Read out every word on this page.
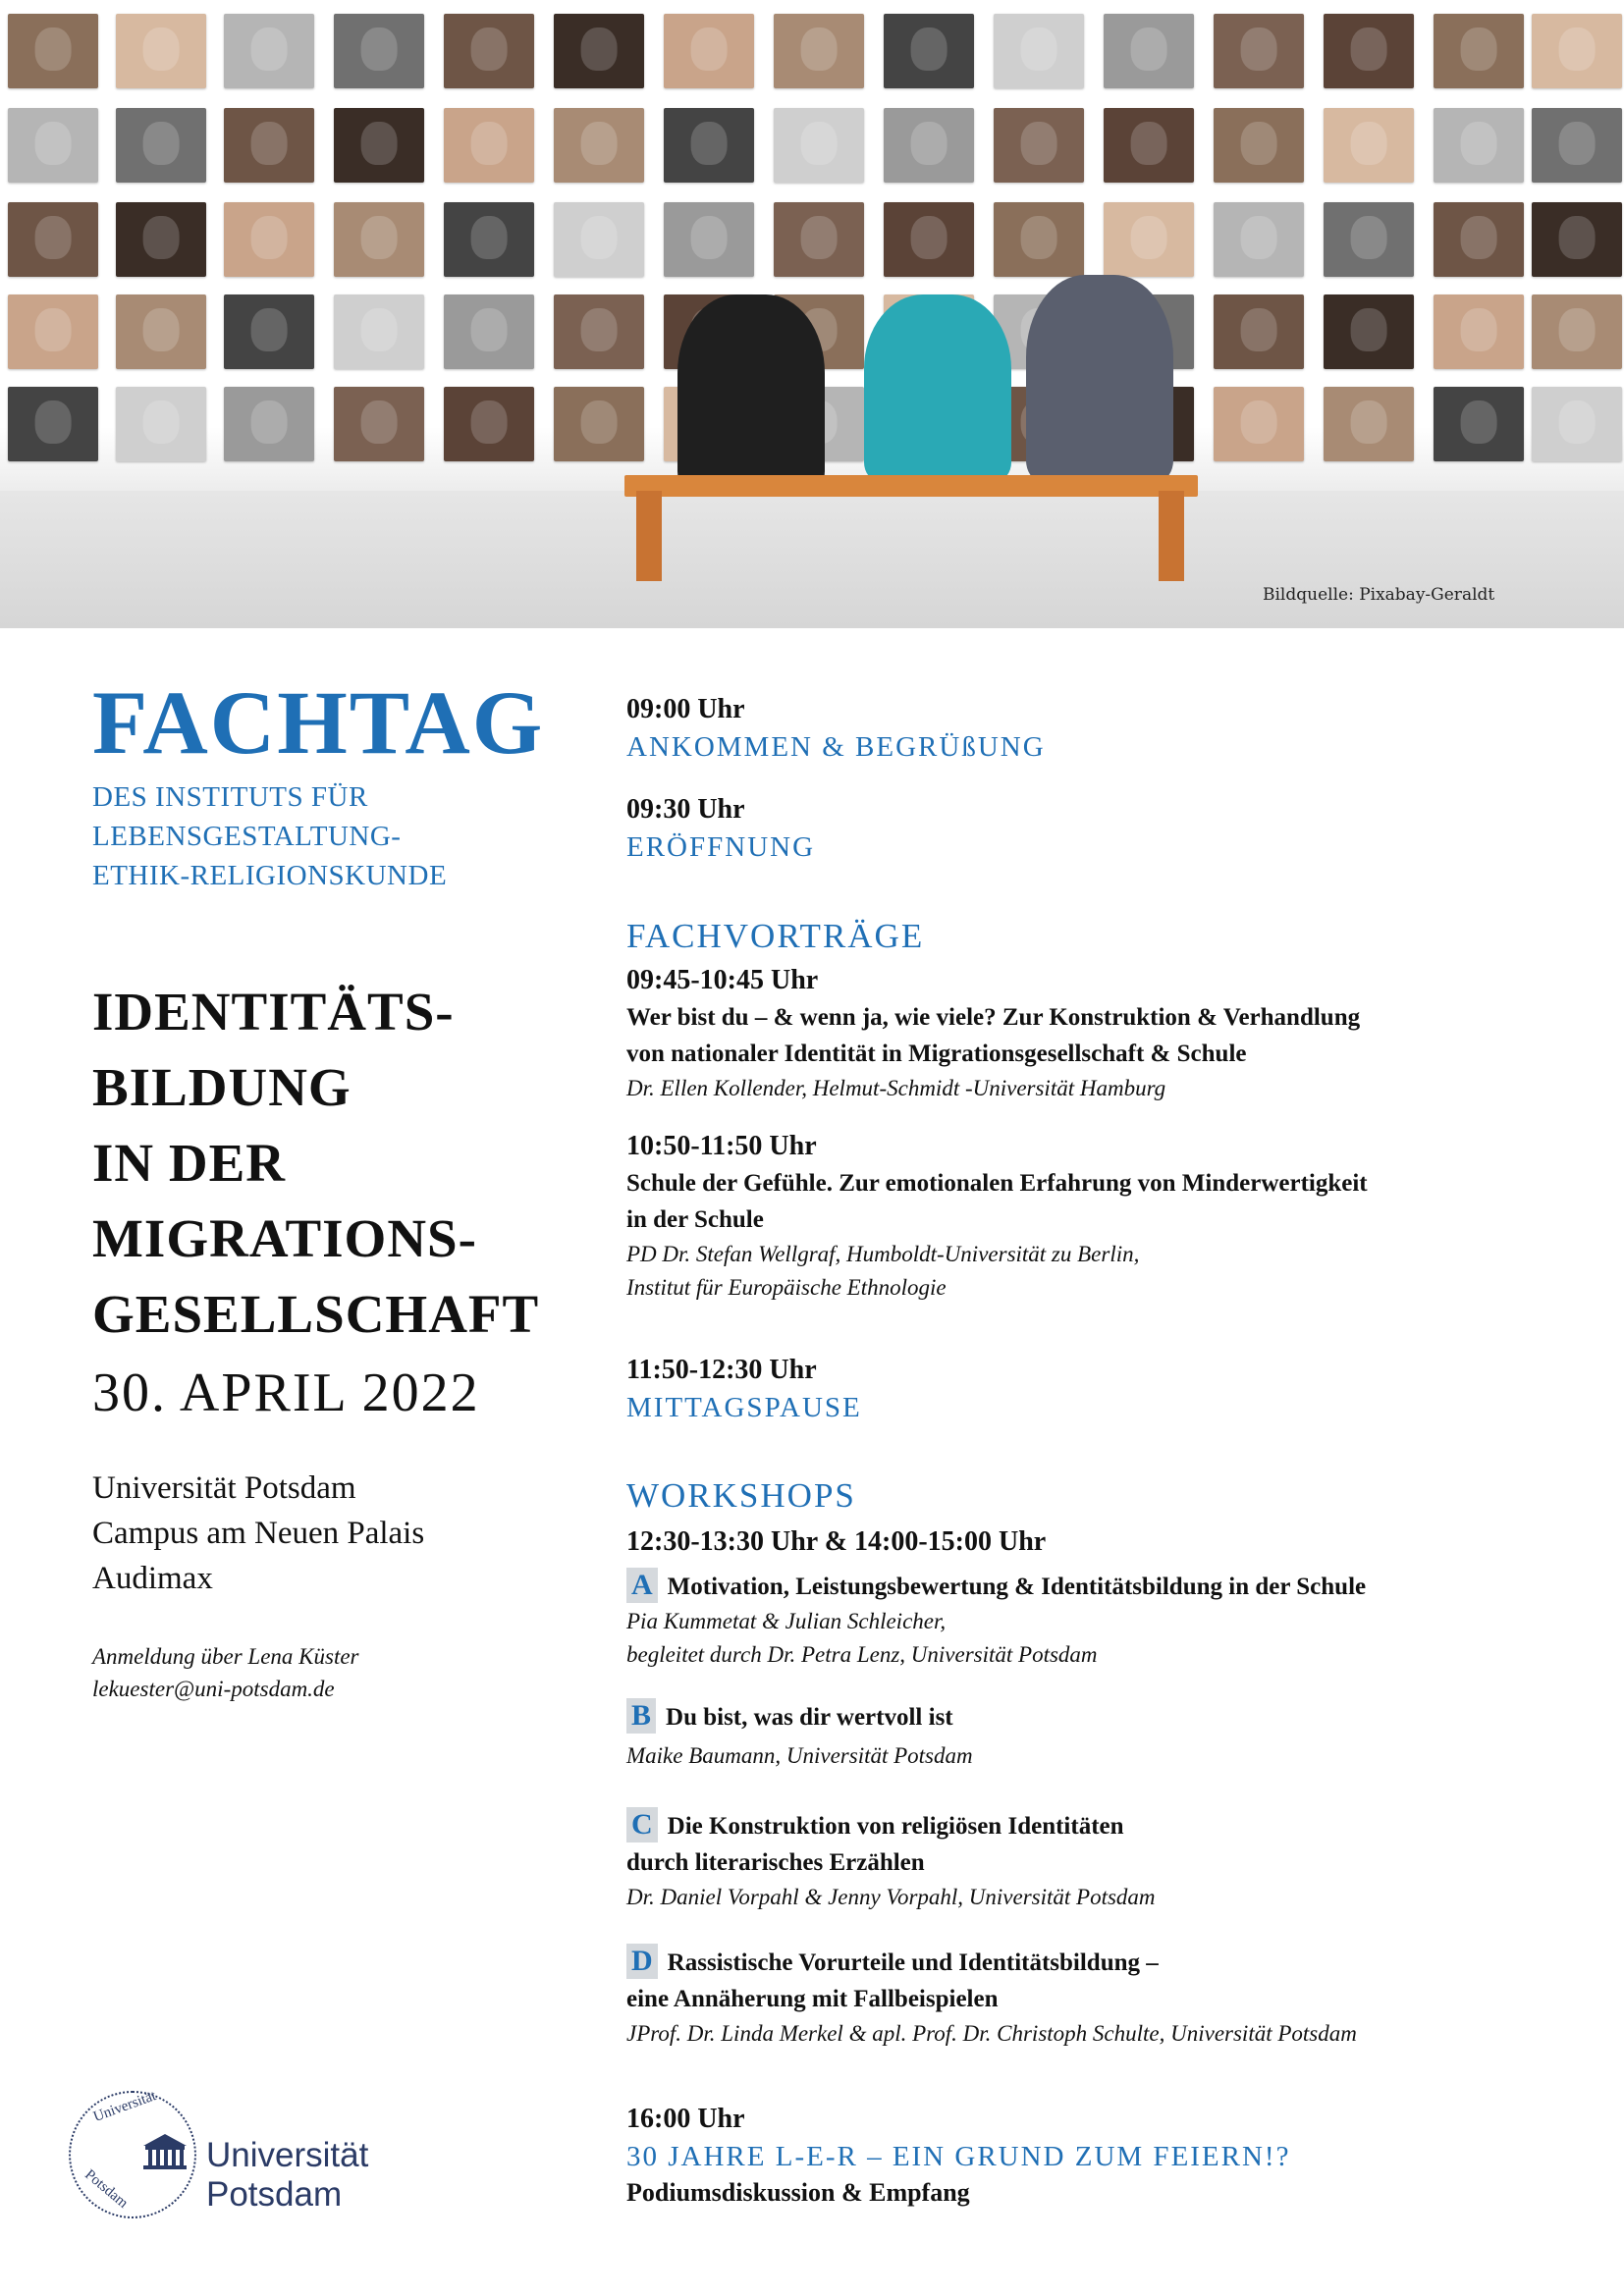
Bildquelle: Pixabay-Geraldt
FACHTAG
DES INSTITUTS FÜR
LEBENSGESTALTUNG-
ETHIK-RELIGIONSKUNDE
IDENTITÄTS-
BILDUNG
IN DER
MIGRATIONS-
GESELLSCHAFT
30. APRIL 2022
Universität Potsdam
Campus am Neuen Palais
Audimax
Anmeldung über Lena Küster
lekuester@uni-potsdam.de
Universität
Potsdam
Universität Potsdam
09:00 Uhr
ANKOMMEN & BEGRÜßUNG
09:30 Uhr
ERÖFFNUNG
FACHVORTRÄGE
09:45-10:45 Uhr
Wer bist du – & wenn ja, wie viele? Zur Konstruktion & Verhandlung
von nationaler Identität in Migrationsgesellschaft & Schule
Dr. Ellen Kollender, Helmut-Schmidt -Universität Hamburg
10:50-11:50 Uhr
Schule der Gefühle. Zur emotionalen Erfahrung von Minderwertigkeit
in der Schule
PD Dr. Stefan Wellgraf, Humboldt-Universität zu Berlin,
Institut für Europäische Ethnologie
11:50-12:30 Uhr
MITTAGSPAUSE
WORKSHOPS
12:30-13:30 Uhr & 14:00-15:00 Uhr
A Motivation, Leistungsbewertung & Identitätsbildung in der Schule
Pia Kummetat & Julian Schleicher,
begleitet durch Dr. Petra Lenz, Universität Potsdam
B Du bist, was dir wertvoll ist
Maike Baumann, Universität Potsdam
C Die Konstruktion von religiösen Identitäten
durch literarisches Erzählen
Dr. Daniel Vorpahl & Jenny Vorpahl, Universität Potsdam
D Rassistische Vorurteile und Identitätsbildung –
eine Annäherung mit Fallbeispielen
JProf. Dr. Linda Merkel & apl. Prof. Dr. Christoph Schulte, Universität Potsdam
16:00 Uhr
30 JAHRE L-E-R – EIN GRUND ZUM FEIERN!?
Podiumsdiskussion & Empfang
